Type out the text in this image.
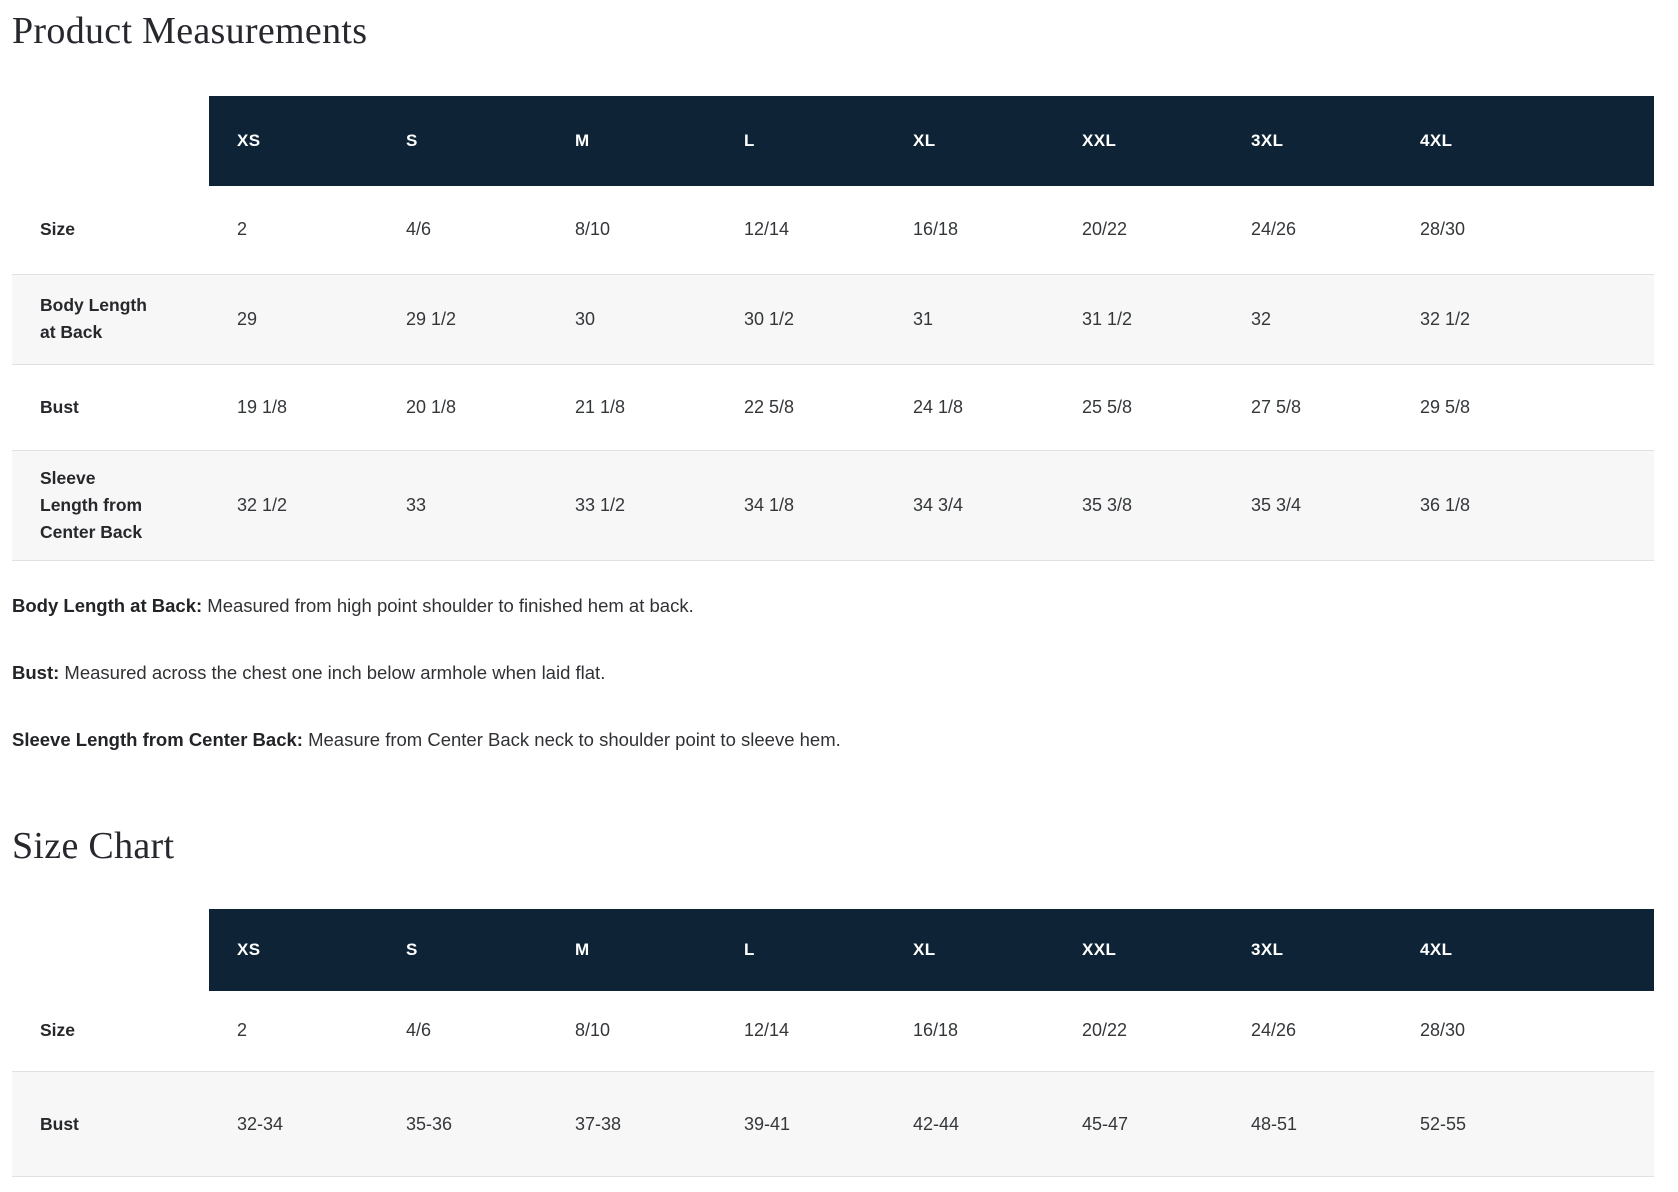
Product Measurements
	XS	S	M	L	XL	XXL	3XL	4XL
Size	2	4/6	8/10	12/14	16/18	20/22	24/26	28/30
Body Length at Back	29	29 1/2	30	30 1/2	31	31 1/2	32	32 1/2
Bust	19 1/8	20 1/8	21 1/8	22 5/8	24 1/8	25 5/8	27 5/8	29 5/8
Sleeve Length from Center Back	32 1/2	33	33 1/2	34 1/8	34 3/4	35 3/8	35 3/4	36 1/8

Body Length at Back: Measured from high point shoulder to finished hem at back.

Bust: Measured across the chest one inch below armhole when laid flat.

Sleeve Length from Center Back: Measure from Center Back neck to shoulder point to sleeve hem.

Size Chart
	XS	S	M	L	XL	XXL	3XL	4XL
Size	2	4/6	8/10	12/14	16/18	20/22	24/26	28/30
Bust	32-34	35-36	37-38	39-41	42-44	45-47	48-51	52-55
